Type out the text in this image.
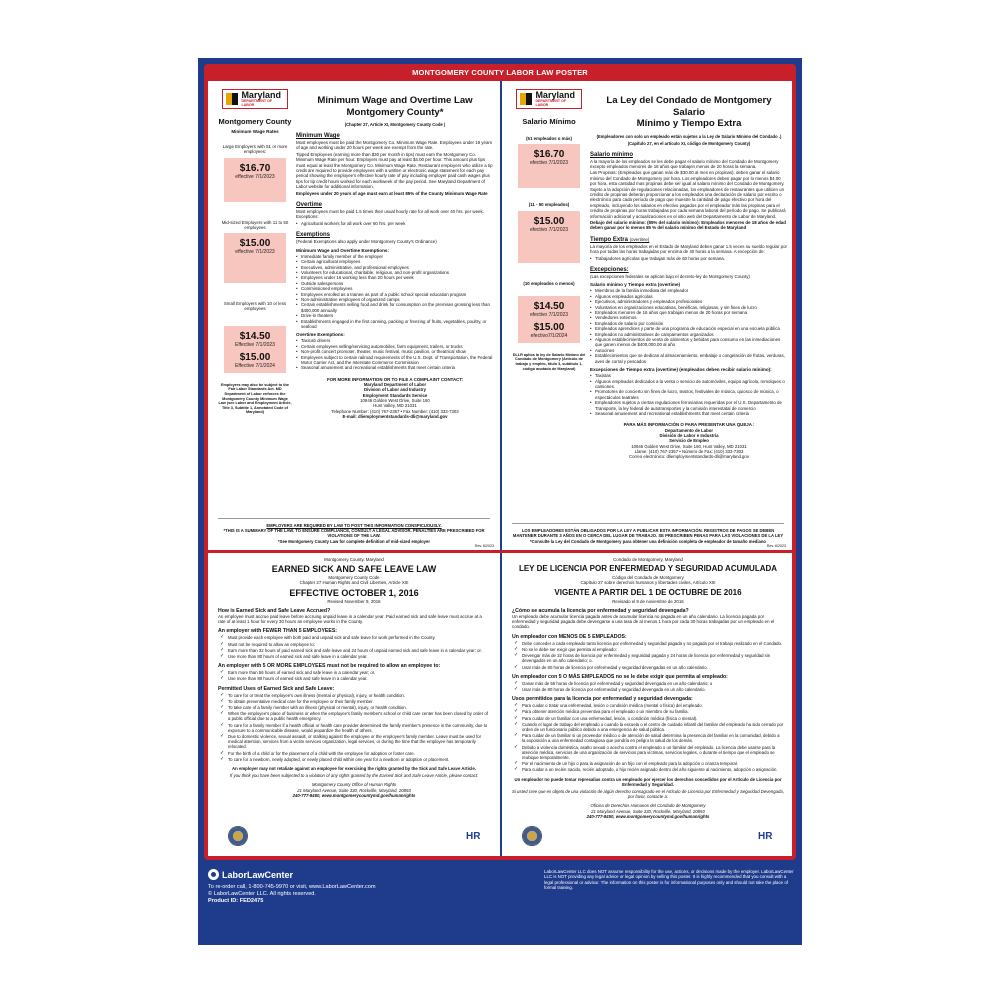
MONTGOMERY COUNTY LABOR LAW POSTER
Maryland
DEPARTMENT OF LABOR
Montgomery County
Minimum Wage Rates
Large Employers with 51 or more employees:
$16.70
effective 7/1/2023
Mid-sized Employers with 11 to 50 employees
$15.00
effective 7/1/2023
Small Employers with 10 or less employees
$14.50
Effective 7/1/2023
$15.00
Effective 7/1/2024
Employers may also be subject to the Fair Labor Standards Act. MD Department of Labor enforces the Montgomery County Minimum Wage Law (see Labor and Employment Article, Title 3, Subtitle 1, Annotated Code of Maryland)
Minimum Wage and Overtime Law
Montgomery County*
(Chapter 27, Article XI, Montgomery County Code )
Minimum Wage
Most employees must be paid the Montgomery Co. Minimum Wage Rate. Employees under 19 years of age and working under 20 hours per week are exempt from the rate.
Tipped Employees (earning more than $30 per month in tips) must earn the Montgomery Co. Minimum Wage Rate per hour. Employers must pay at least $4.00 per hour. This amount plus tips must equal at least the Montgomery Co. Minimum Wage Rate. Restaurant employers who utilize a tip credit are required to provide employees with a written or electronic wage statement for each pay period showing the employee's effective hourly rate of pay including employer paid cash wages plus tips for tip credit hours worked for each workweek of the pay period. See Maryland Department of Labor website for additional information.
Employees under 20 years of age must earn at least 85% of the County Minimum Wage Rate
Overtime
Most employees must be paid 1.5 times their usual hourly rate for all work over 40 hrs. per week. Exceptions:
• Agricultural workers for all work over 60 hrs. per week
Exemptions
(Federal Exemptions also apply under Montgomery County's Ordinance)
Minimum Wage and Overtime Exemptions:
• Immediate family member of the employer
• Certain agricultural employees
• Executives, administrative, and professional employees
• Volunteers for educational, charitable, religious, and non-profit organizations
• Employees under 16 working less than 20 hours per week
• Outside salespersons
• Commissioned employees
• Employees enrolled as a trainee as part of a public school special education program
• Non-administrative employees of organized camps
• Certain establishments selling food and drink for consumption on the premises grossing less than $400,000 annually
• Drive-in theaters
• Establishments engaged in the first canning, packing or freezing of fruits, vegetables, poultry, or seafood
Overtime Exemptions:
• Taxicab drivers
• Certain employees selling/servicing automobiles, farm equipment, trailers, or trucks
• Non-profit concert promoter, theater, music festival, music pavilion, or theatrical show
• Employees subject to certain railroad requirements of the U.S. Dept. of Transportation, the Federal Motor Carrier Act, and the Interstate Commerce Commission
• Seasonal amusement and recreational establishments that meet certain criteria
FOR MORE INFORMATION OR TO FILE A COMPLAINT CONTACT:
Maryland Department of Labor
Division of Labor and Industry
Employment Standards Service
10946 Golden West Drive, Suite 160
Hunt Valley, MD 21031
Telephone Number: (410) 767-2357 • Fax Number: (410) 333-7303
E-mail: dliemploymentstandards-dli@maryland.gov
EMPLOYERS ARE REQUIRED BY LAW TO POST THIS INFORMATION CONSPICUOUSLY.
*THIS IS A SUMMARY OF THE LAW. TO ENSURE COMPLIANCE, CONSULT A LEGAL ADVISOR. PENALTIES ARE PRESCRIBED FOR VIOLATIONS OF THE LAW.
*See Montgomery County Law for complete definition of mid-sized employer
Rev. 6/2023
Maryland
DEPARTMENT OF LABOR
Salario Mínimo
(51 empleados o más)
$16.70
efectivo 7/1/2023
(11 - 50 empleados)
$15.00
efectivo 7/1/2023
(10 empleados o menos)
$14.50
efectivo 7/1/2023
$15.00
efectivo7/1/2024
DLLR aplica la ley de Salario Mínimo del Condado de Montgomery (Artículo de trabajo y empleo, título 3, subtítulo 1, código anotado de Maryland)
La Ley del Condado de Montgomery Salario
Mínimo y Tiempo Extra
(Empleadores con solo un empleado están sujetos a la Ley de Salario Mínimo del Condado .)
(Capítulo 27, en el artículo XI, código de Montgomery County)
Salario mínimo
A la mayoría de los empleados se les debe pagar el salario mínimo del Condado de Montgomery excepto empleados menores de 18 años que trabajen menos de 20 horas la semana.
Las Propinas: (Empleados que ganan más de $30.00 al mes en propinas): deben ganar el salario mínimo del Condado de Montgomery por hora. Los empleadores deben pagar por lo menos $4.00 por hora, esta cantidad mas propinas debe ser igual al salario mínimo del Condado de Montgomery. Sujeto a la adopción de regulaciones relacionadas, los empleadores de restaurantes que utilicen un crédito de propinas deberán proporcionar a los empleados una declaración de salario por escrito o electrónico para cada período de pago que muestre la cantidad de pago efectivo por hora del empleado, incluyendo los salarios en efectivo pagados por el empleador más las propinas para el crédito de propinas por horas trabajadas por cada semana laboral del período de pago. Se publicará información adicional y actualizaciones en el sitio web del Departamento de Labor de Maryland.
Debajo del salario mínimo: (85% del salario mínimo): Empleados menores de 18 años de edad deben ganar por lo menos 85 % del salario mínimo del Estado de Maryland
Tiempo Extra (overtime)
La mayoría de los empleados en el Estado de Maryland deben ganar 1.5 veces su sueldo regular por hora por todas las horas trabajadas por encima de 40 horas a la semana. A excepción de:
• Trabajadores agrícolas que trabajan más de 60 horas por semana.
Excepciones:
(Las excepciones federales se aplican bajo el decreto-ley de Montgomery County)
Salario mínimo y Tiempo extra (overtime)
• Miembros de la familia inmediata del empleador
• Algunos empleados agrícolas
• Ejecutivos, administradores y empleados profesionales
• Voluntarios en organizaciones educativas, benéficas, religiosas, y sin fines de lucro
• Empleados menores de 16 años que trabajan menos de 20 horas por semana
• Vendedores externos
• Empleados de salario por comisión
• Empleados aprendices y parte de una programa de educación especial en una escuela pública
• Empleados no administrativos de campamentos organizados
• Algunos establecimientos de venta de alimentos y bebidas para consumo en las inmediaciones que ganen menos de $400,000.00 al año
• Autocines
• Establecimientos que se dedican al almacenamiento, embalaje o congelación de frutas, verduras, aves de corral y pescados
Excepciones de Tiempo extra (overtime) (empleados deben recibir salario mínimo):
• Taxistas
• Algunos empleados dedicados a la venta o servicio de automóviles, equipo agrícola, remolques o camiones.
• Promotores de concierto sin fines de lucro, teatros, festivales de música, quiosco de música, o espectáculos teatrales
• Empleadores sujetos a ciertas regulaciones ferroviarias requeridas por el U.S. Departamento de Transporte, la ley federal de autotransportes y la comisión interestatal de comercio
• Seasonal amusement and recreational establishments that meet certain criteria
PARA MÁS INFORMACIÓN O PARA PRESENTAR UNA QUEJA :
Departamento de Labor
División de Labor e Industria
Servicio de Empleo
10946 Golden West Drive, Suite 160, Hunt Valley, MD 21031
Llame: (410) 767-2357 • Número de Fax: (410) 333-7303
Correo electrónico: dliemploymentstandards-dli@maryland.gov
LOS EMPLEADORES ESTÁN OBLIGADOS POR LA LEY A PUBLICAR ESTA INFORMACIÓN. REGISTROS DE PAGOS SE DEBEN MANTENER DURANTE 3 AÑOS EN O CERCA DEL LUGAR DE TRABAJO. SE PRESCRIBEN PENAS PARA LAS VIOLACIONES DE LA LEY
*Consulte la Ley del Condado de Montgomery para obtener una definición completa de empleador de tamaño mediano
Rev. 6/2023
Montgomery County, Maryland
EARNED SICK AND SAFE LEAVE LAW
Montgomery County Code
Chapter 27 Human Rights and Civil Liberties, Article XIII
EFFECTIVE OCTOBER 1, 2016
Revised November 9, 2016
How is Earned Sick and Safe Leave Accrued?
An employee must accrue paid leave before accruing unpaid leave in a calendar year. Paid earned sick and safe leave must accrue at a rate of at least 1 hour for every 30 hours an employee works in the County.
An employer with FEWER THAN 5 EMPLOYEES:
✓ Must provide each employee with both paid and unpaid sick and safe leave for work performed in the County.
✓ Must not be required to allow an employee to:
✓ Earn more than 32 hours of paid earned sick and safe leave and 24 hours of unpaid earned sick and safe leave in a calendar year; or.
✓ Use more than 80 hours of earned sick and safe leave in a calendar year.
An employer with 5 OR MORE EMPLOYEES must not be required to allow an employee to:
✓ Earn more than 56 hours of earned sick and safe leave in a calendar year; or.
✓ Use more than 80 hours of earned sick and safe leave in a calendar year.
Permitted Uses of Earned Sick and Safe Leave:
✓ To care for or treat the employee's own illness (mental or physical), injury, or health condition.
✓ To obtain preventative medical care for the employee or their family member.
✓ To take care of a family member with an illness (physical or mental), injury, or health condition.
✓ When the employee's place of business or when the employee's family member's school or child care center has been closed by order of a public official due to a public health emergency.
✓ To care for a family member if a health official or health care provider determined the family member's presence in the community, due to exposure to a communicable disease, would jeopardize the health of others.
✓ Due to domestic violence, sexual assault, or stalking against the employee or the employee's family member. Leave must be used for medical attention, services from a victim services organization, legal services, or during the time that the employee has temporarily relocated.
✓ For the birth of a child or for the placement of a child with the employee for adoption or foster care.
✓ To care for a newborn, newly adopted, or newly placed child within one year for a newborn or adoption or placement.
An employer may not retaliate against an employee for exercising the rights granted by the Sick and Safe Leave Article.
If you think you have been subjected to a violation of any rights granted by the Earned Sick and Safe Leave Article, please contact:
Montgomery County Office of Human Rights
21 Maryland Avenue, Suite 330, Rockville, Maryland, 20850
240-777-8450, www.montgomerycountymd.gov/humanrights
HR
Condado de Montgomery, Maryland
LEY DE LICENCIA POR ENFERMEDAD Y SEGURIDAD ACUMULADA
Código del Condado de Montgomery
Capítulo 27 sobre derechos humanos y libertades civiles, Artículo XIII
VIGENTE A PARTIR DEL 1 DE OCTUBRE DE 2016
Revisado el 9 de noviembre de 2016
¿Cómo se acumula la licencia por enfermedad y seguridad devengada?
Un empleado debe acumular licencia pagada antes de acumular licencia no pagada en un año calendario. La licencia pagada por enfermedad y seguridad pagada debe devengarse a una tasa de al menos 1 hora por cada 30 horas trabajadas por un empleado en el condado.
Un empleador con MENOS DE 5 EMPLEADOS:
✓ Debe conceder a cada empleado tanto licencia por enfermedad y seguridad pagada y no pagada por el trabajo realizado en el Condado.
✓ No se le debe ser exigir que permita al empleado:
✓ Devengar más de 32 horas de licencia por enfermedad y seguridad pagada y 24 horas de licencia por enfermedad y seguridad sin devengados en un año calendario; o.
✓ Usar más de 80 horas de licencia por enfermedad y seguridad devengadas en un año calendario.
Un empleador con 5 O MÁS EMPLEADOS no se le debe exigir que permita al empleado:
✓ Ganar más de 56 horas de licencia por enfermedad y seguridad devengada en un año calendario; o
✓ Usar más de 80 horas de licencia por enfermedad y seguridad devengada en un año calendario.
Usos permitidos para la licencia por enfermedad y seguridad devengada:
✓ Para cuidar o tratar una enfermedad, lesión o condición médica (mental o física) del empleado.
✓ Para obtener atención médica preventiva para el empleado o un miembro de su familia.
✓ Para cuidar de un familiar con una enfermedad, lesión, o condición médica (física o mental).
✓ Cuando el lugar de trabajo del empleado o cuando la escuela o el centro de cuidado infantil del familiar del empleado ha sido cerrado por orden de un funcionario público debido a una emergencia de salud pública.
✓ Para cuidar de un familiar si un proveedor médico o de atención de salud determina la presencia del familiar en la comunidad, debido a la exposición a una enfermedad contagiosa que pondría en peligro la salud de los demás.
✓ Debido a violencia doméstica, asalto sexual o acecho contra el empleado o un familiar del empleado. La licencia debe usarse para la atención médica, servicios de una organización de servicios para víctimas, servicios legales, o durante el tiempo que el empleado se reubique temporalmente.
✓ Por el nacimiento de un hijo o para la asignación de un hijo con el empleado para la adopción o crianza temporal.
✓ Para cuidar a un recién nacido, recién adoptado, o hijo recién asignado dentro del año siguiente al nacimiento, adopción o asignación.
Un empleador no puede tomar represalias contra un empleado por ejercer los derechos concedidos por el Artículo de Licencia por Enfermedad y Seguridad.
Si usted cree que es objeto de una violación de algún derecho consagrado en el Artículo de Licencia por Enfermedad y Seguridad Devengada, por favor, contacte a:
Oficina de Derechos Humanos del Condado de Montgomery
21 Maryland Avenue, Suite 330, Rockville, Maryland, 20850
240-777-8450, www.montgomerycountymd.gov/humanrights
HR
LaborLawCenter
To re-order call, 1-800-745-9970 or visit, www.LaborLawCenter.com
© LaborLawCenter LLC. All rights reserved.
Product ID: FED2475
LaborLawCenter LLC does NOT assume responsibility for the use, actions, or decisions made by the employer. LaborLawCenter LLC is NOT providing any legal advice or legal opinion by selling this poster. It is highly recommended that you consult with a legal professional or advisor. The information on this poster is for informational purposes only and should not take the place of formal training.
